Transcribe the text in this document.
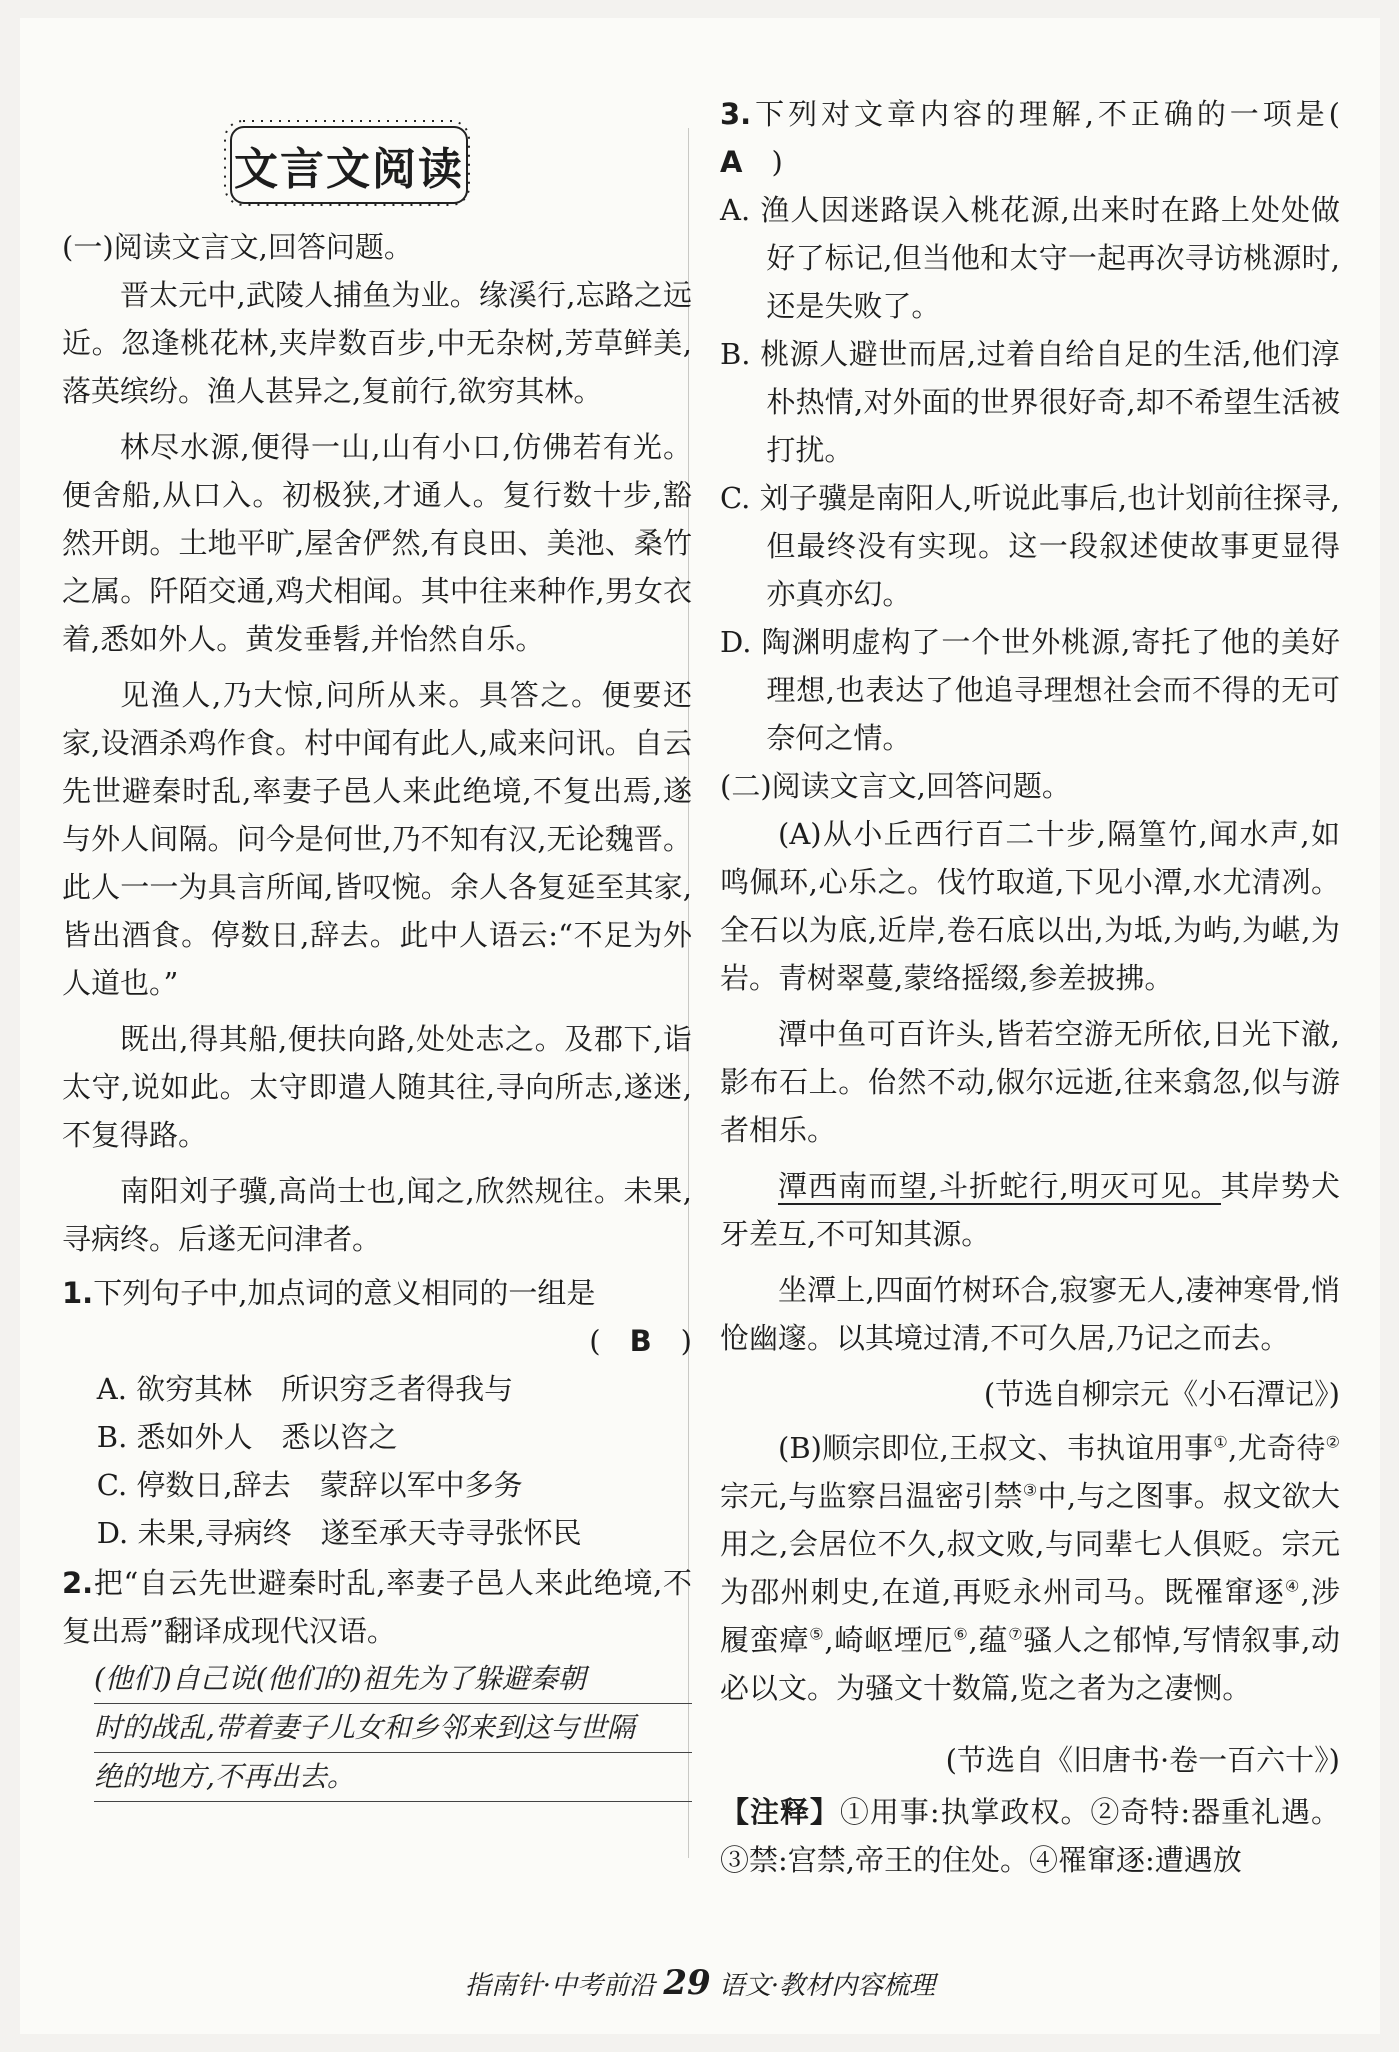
文言文阅读

(一)阅读文言文,回答问题。

晋太元中,武陵人捕鱼为业。缘溪行,忘路之远近。忽逢桃花林,夹岸数百步,中无杂树,芳草鲜美,落英缤纷。渔人甚异之,复前行,欲穷其林。

林尽水源,便得一山,山有小口,仿佛若有光。便舍船,从口入。初极狭,才通人。复行数十步,豁然开朗。土地平旷,屋舍俨然,有良田、美池、桑竹之属。阡陌交通,鸡犬相闻。其中往来种作,男女衣着,悉如外人。黄发垂髫,并怡然自乐。

见渔人,乃大惊,问所从来。具答之。便要还家,设酒杀鸡作食。村中闻有此人,咸来问讯。自云先世避秦时乱,率妻子邑人来此绝境,不复出焉,遂与外人间隔。问今是何世,乃不知有汉,无论魏晋。此人一一为具言所闻,皆叹惋。余人各复延至其家,皆出酒食。停数日,辞去。此中人语云:“不足为外人道也。”

既出,得其船,便扶向路,处处志之。及郡下,诣太守,说如此。太守即遣人随其往,寻向所志,遂迷,不复得路。

南阳刘子骥,高尚士也,闻之,欣然规往。未果,寻病终。后遂无问津者。

1.下列句子中,加点词的意义相同的一组是

(　B　)

A. 欲穷其林　所识穷乏者得我与

B. 悉如外人　悉以咨之

C. 停数日,辞去　蒙辞以军中多务

D. 未果,寻病终　遂至承天寺寻张怀民

2.把“自云先世避秦时乱,率妻子邑人来此绝境,不复出焉”翻译成现代汉语。

(他们)自己说(他们的)祖先为了躲避秦朝
时的战乱,带着妻子儿女和乡邻来到这与世隔
绝的地方,不再出去。

3.下列对文章内容的理解,不正确的一项是(　A　)

A. 渔人因迷路误入桃花源,出来时在路上处处做好了标记,但当他和太守一起再次寻访桃源时,还是失败了。

B. 桃源人避世而居,过着自给自足的生活,他们淳朴热情,对外面的世界很好奇,却不希望生活被打扰。

C. 刘子骥是南阳人,听说此事后,也计划前往探寻,但最终没有实现。这一段叙述使故事更显得亦真亦幻。

D. 陶渊明虚构了一个世外桃源,寄托了他的美好理想,也表达了他追寻理想社会而不得的无可奈何之情。

(二)阅读文言文,回答问题。

(A)从小丘西行百二十步,隔篁竹,闻水声,如鸣佩环,心乐之。伐竹取道,下见小潭,水尤清冽。全石以为底,近岸,卷石底以出,为坻,为屿,为嵁,为岩。青树翠蔓,蒙络摇缀,参差披拂。

潭中鱼可百许头,皆若空游无所依,日光下澈,影布石上。佁然不动,俶尔远逝,往来翕忽,似与游者相乐。

潭西南而望,斗折蛇行,明灭可见。其岸势犬牙差互,不可知其源。

坐潭上,四面竹树环合,寂寥无人,凄神寒骨,悄怆幽邃。以其境过清,不可久居,乃记之而去。

(节选自柳宗元《小石潭记》)

(B)顺宗即位,王叔文、韦执谊用事①,尤奇待②宗元,与监察吕温密引禁③中,与之图事。叔文欲大用之,会居位不久,叔文败,与同辈七人俱贬。宗元为邵州刺史,在道,再贬永州司马。既罹窜逐④,涉履蛮瘴⑤,崎岖堙厄⑥,蕴⑦骚人之郁悼,写情叙事,动必以文。为骚文十数篇,览之者为之凄恻。

(节选自《旧唐书·卷一百六十》)

【注释】①用事:执掌政权。②奇特:器重礼遇。③禁:宫禁,帝王的住处。④罹窜逐:遭遇放

指南针·中考前沿 29 语文·教材内容梳理
